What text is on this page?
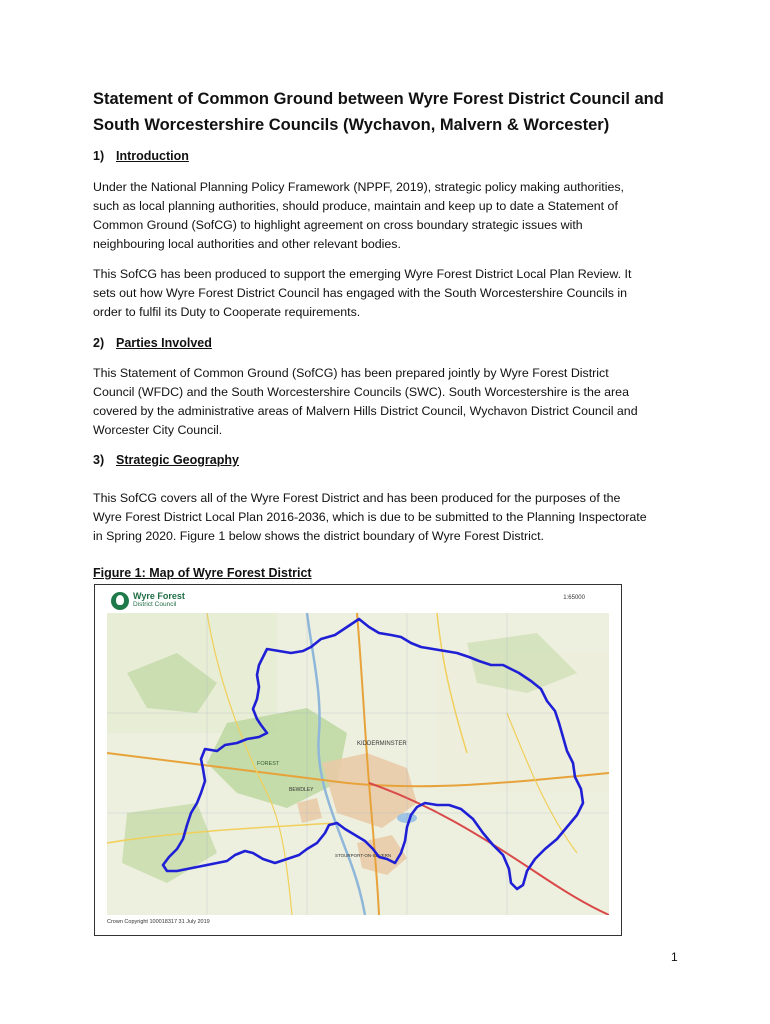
Statement of Common Ground between Wyre Forest District Council and
South Worcestershire Councils (Wychavon, Malvern & Worcester)
1) Introduction
Under the National Planning Policy Framework (NPPF, 2019), strategic policy making authorities,
such as local planning authorities, should produce, maintain and keep up to date a Statement of
Common Ground (SofCG) to highlight agreement on cross boundary strategic issues with
neighbouring local authorities and other relevant bodies.
This SofCG has been produced to support the emerging Wyre Forest District Local Plan Review. It
sets out how Wyre Forest District Council has engaged with the South Worcestershire Councils in
order to fulfil its Duty to Cooperate requirements.
2) Parties Involved
This Statement of Common Ground (SofCG) has been prepared jointly by Wyre Forest District
Council (WFDC) and the South Worcestershire Councils (SWC). South Worcestershire is the area
covered by the administrative areas of Malvern Hills District Council, Wychavon District Council and
Worcester City Council.
3) Strategic Geography
This SofCG covers all of the Wyre Forest District and has been produced for the purposes of the
Wyre Forest District Local Plan 2016-2036, which is due to be submitted to the Planning Inspectorate
in Spring 2020. Figure 1 below shows the district boundary of Wyre Forest District.
Figure 1: Map of Wyre Forest District
Wyre Forest
District Council
1:65000
KIDDERMINSTER
FOREST
STOURPORT-ON-SEVERN
BEWDLEY
Crown Copyright 100018317 31 July 2019
1
